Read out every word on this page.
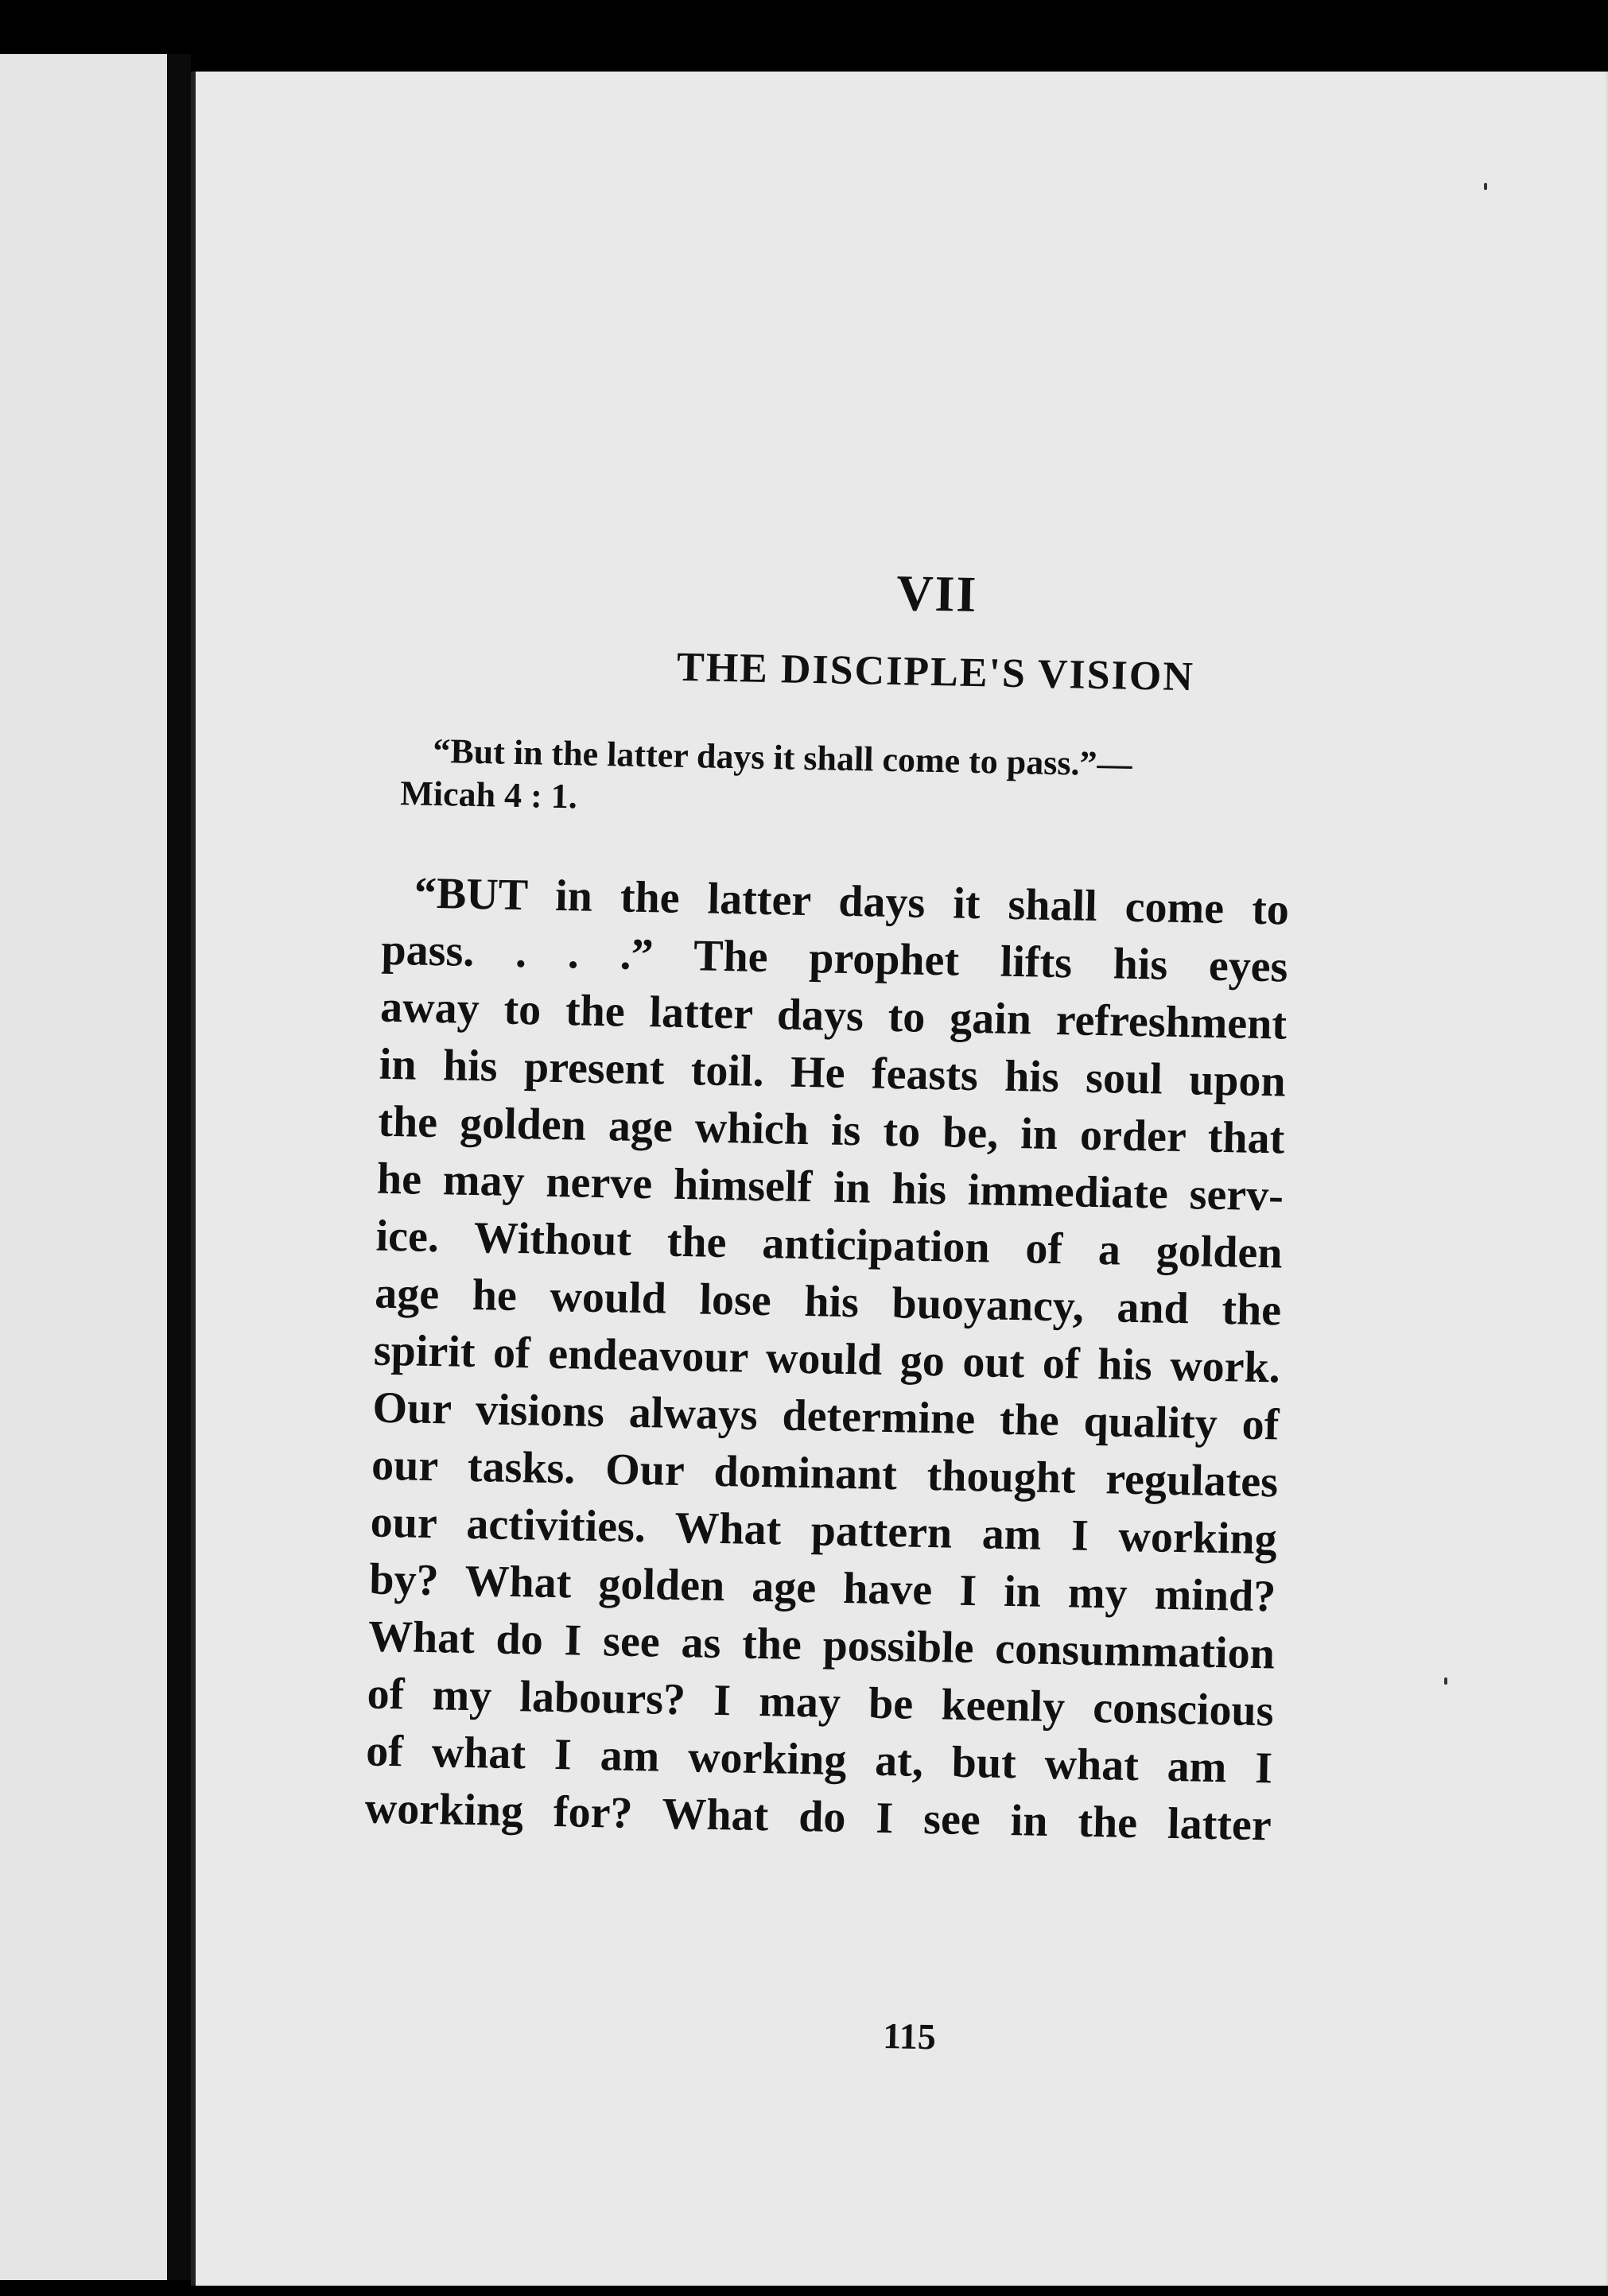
VII
THE DISCIPLE'S VISION
“But in the latter days it shall come to pass.”—
Micah 4 : 1.
“BUT in the latter days it shall come to
pass. . . .” The prophet lifts his eyes
away to the latter days to gain refreshment
in his present toil. He feasts his soul upon
the golden age which is to be, in order that
he may nerve himself in his immediate serv-
ice. Without the anticipation of a golden
age he would lose his buoyancy, and the
spirit of endeavour would go out of his work.
Our visions always determine the quality of
our tasks. Our dominant thought regulates
our activities. What pattern am I working
by? What golden age have I in my mind?
What do I see as the possible consummation
of my labours? I may be keenly conscious
of what I am working at, but what am I
working for? What do I see in the latter
115
